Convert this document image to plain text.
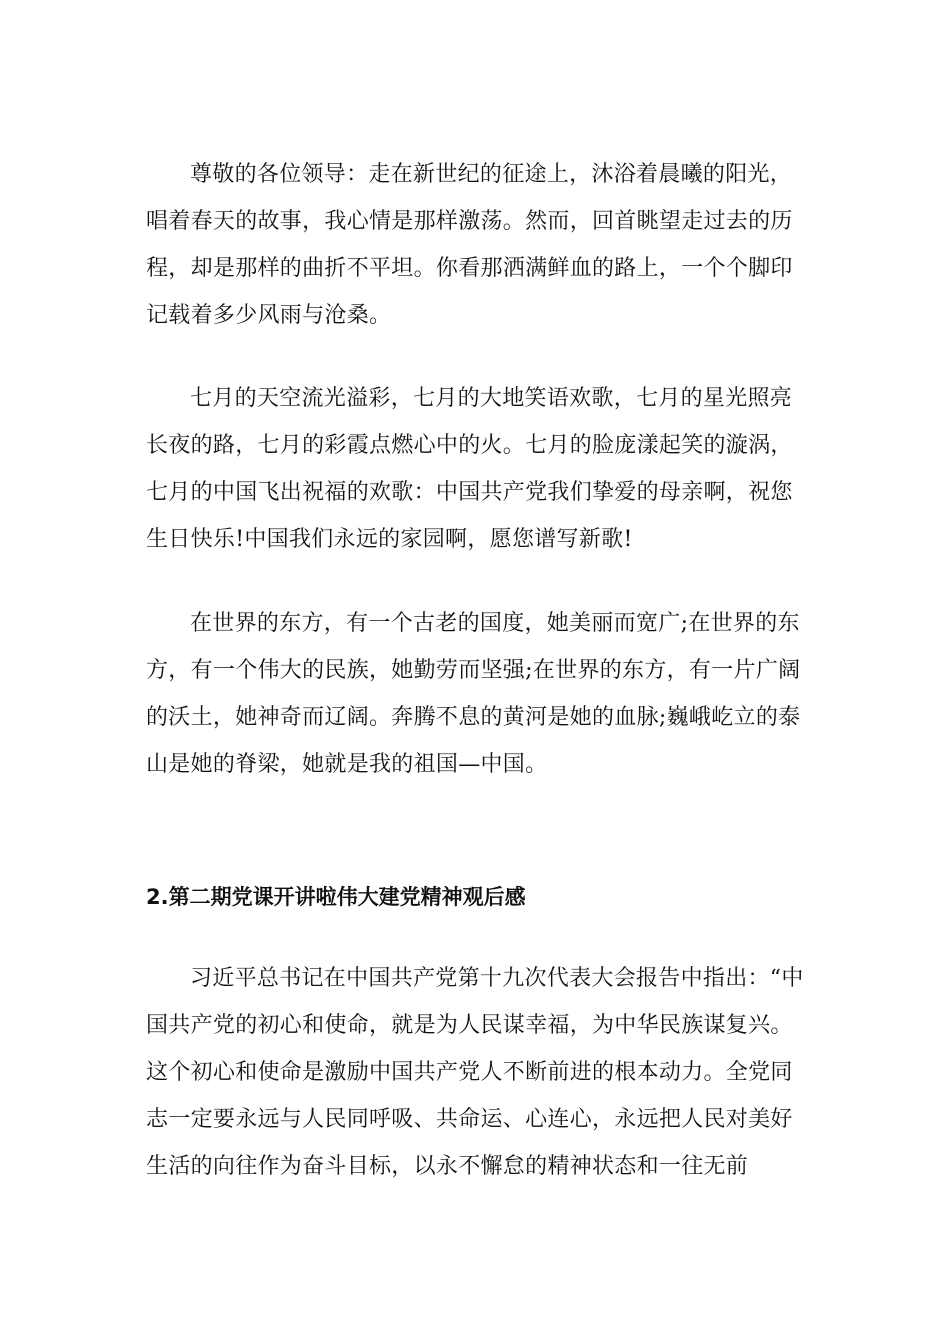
尊敬的各位领导：走在新世纪的征途上，沐浴着晨曦的阳光，唱着春天的故事，我心情是那样激荡。然而，回首眺望走过去的历程，却是那样的曲折不平坦。你看那洒满鲜血的路上，一个个脚印记载着多少风雨与沧桑。

七月的天空流光溢彩，七月的大地笑语欢歌，七月的星光照亮长夜的路，七月的彩霞点燃心中的火。七月的脸庞漾起笑的漩涡，七月的中国飞出祝福的欢歌：中国共产党我们挚爱的母亲啊，祝您生日快乐!中国我们永远的家园啊，愿您谱写新歌!

在世界的东方，有一个古老的国度，她美丽而宽广;在世界的东方，有一个伟大的民族，她勤劳而坚强;在世界的东方，有一片广阔的沃土，她神奇而辽阔。奔腾不息的黄河是她的血脉;巍峨屹立的泰山是她的脊梁，她就是我的祖国—中国。

2.第二期党课开讲啦伟大建党精神观后感

习近平总书记在中国共产党第十九次代表大会报告中指出：“中国共产党的初心和使命，就是为人民谋幸福，为中华民族谋复兴。这个初心和使命是激励中国共产党人不断前进的根本动力。全党同志一定要永远与人民同呼吸、共命运、心连心，永远把人民对美好生活的向往作为奋斗目标，以永不懈怠的精神状态和一往无前
